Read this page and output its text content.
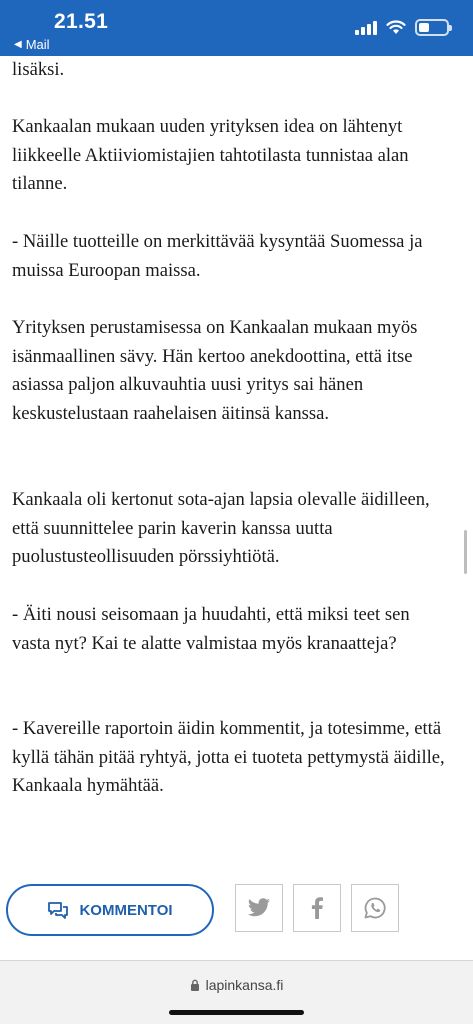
21.51
◀ Mail

lisäksi.

Kankaalan mukaan uuden yrityksen idea on lähtenyt liikkeelle Aktiiviomistajien tahtotilasta tunnistaa alan tilanne.

- Näille tuotteille on merkittävää kysyntää Suomessa ja muissa Euroopan maissa.

Yrityksen perustamisessa on Kankaalan mukaan myös isänmaallinen sävy. Hän kertoo anekdoottina, että itse asiassa paljon alkuvauhtia uusi yritys sai hänen keskustelustaan raahelaisen äitinsä kanssa.

Kankaala oli kertonut sota-ajan lapsia olevalle äidilleen, että suunnittelee parin kaverin kanssa uutta puolustusteollisuuden pörssiyhtiötä.

- Äiti nousi seisomaan ja huudahti, että miksi teet sen vasta nyt? Kai te alatte valmistaa myös kranaatteja?

- Kavereille raportoin äidin kommentit, ja totesimme, että kyllä tähän pitää ryhtyä, jotta ei tuoteta pettymystä äidille, Kankaala hymähtää.

KOMMENTOI
lapinkansa.fi
